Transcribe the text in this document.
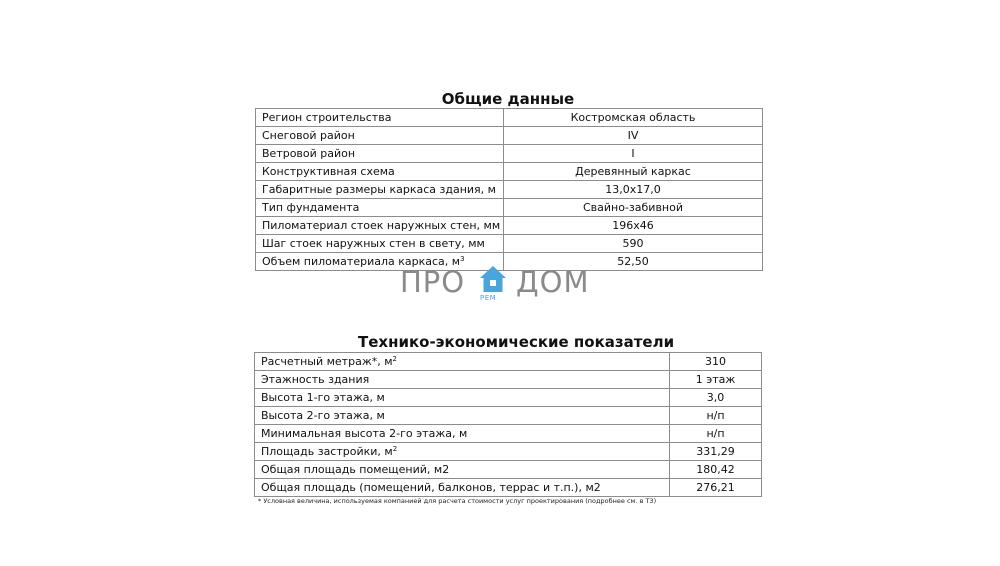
Общие данные
Регион строительства	Костромская область
Снеговой район	IV
Ветровой район	I
Конструктивная схема	Деревянный каркас
Габаритные размеры каркаса здания, м	13,0x17,0
Тип фундамента	Свайно-забивной
Пиломатериал стоек наружных стен, мм	196x46
Шаг стоек наружных стен в свету, мм	590
Объем пиломатериала каркаса, $м^3$	52,50
ПРО РЕМ ДОМ
Технико-экономические показатели
Расчетный метраж*, $м^2$	310
Этажность здания	1 этаж
Высота 1-го этажа, м	3,0
Высота 2-го этажа, м	н/п
Минимальная высота 2-го этажа, м	н/п
Площадь застройки, $м^2$	331,29
Общая площадь помещений, м2	180,42
Общая площадь (помещений, балконов, террас и т.п.), м2	276,21
* Условная величина, используемая компанией для расчета стоимости услуг проектирования (подробнее см. в ТЗ)
